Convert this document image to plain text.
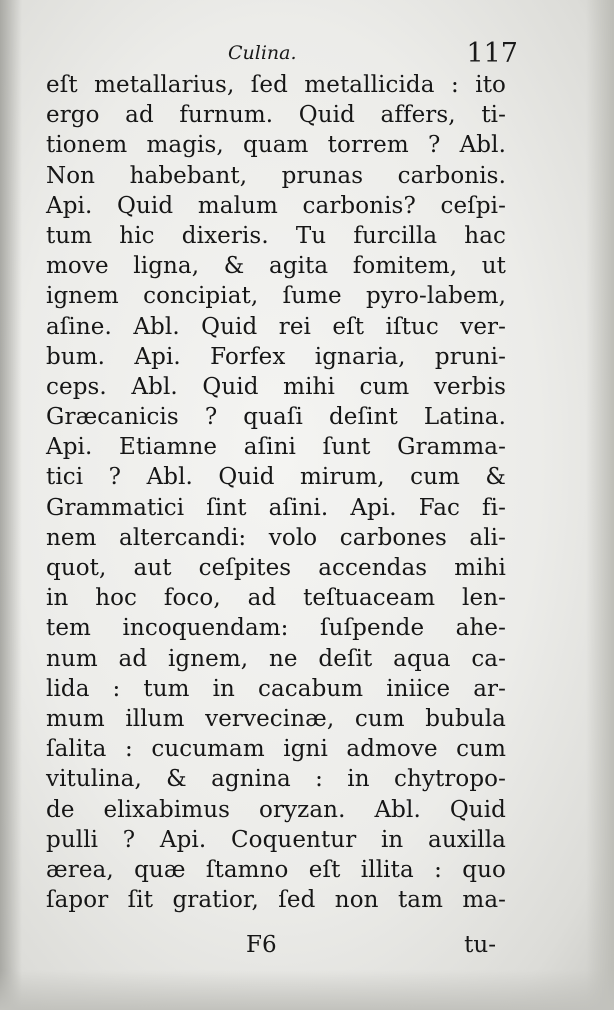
Culina.	117
eſt metallarius, ſed metallicida : ito
ergo ad furnum. Quid affers, ti-
tionem magis, quam torrem ? Abl.
Non habebant, prunas carbonis.
Api. Quid malum carbonis? ceſpi-
tum hic dixeris. Tu furcilla hac
move ligna, & agita fomitem, ut
ignem concipiat, ſume pyro-labem,
aſine. Abl. Quid rei eſt iſtuc ver-
bum. Api. Forfex ignaria, pruni-
ceps. Abl. Quid mihi cum verbis
Græcanicis ? quaſi deſint Latina.
Api. Etiamne aſini ſunt Gramma-
tici ? Abl. Quid mirum, cum &
Grammatici ſint aſini. Api. Fac fi-
nem altercandi: volo carbones ali-
quot, aut ceſpites accendas mihi
in hoc foco, ad teſtuaceam len-
tem incoquendam: ſuſpende ahe-
num ad ignem, ne deſit aqua ca-
lida : tum in cacabum iniice ar-
mum illum vervecinæ, cum bubula
ſalita : cucumam igni admove cum
vitulina, & agnina : in chytropo-
de elixabimus oryzan. Abl. Quid
pulli ? Api. Coquentur in auxilla
ærea, quæ ſtamno eſt illita : quo
ſapor ſit gratior, ſed non tam ma-
F6	tu-
